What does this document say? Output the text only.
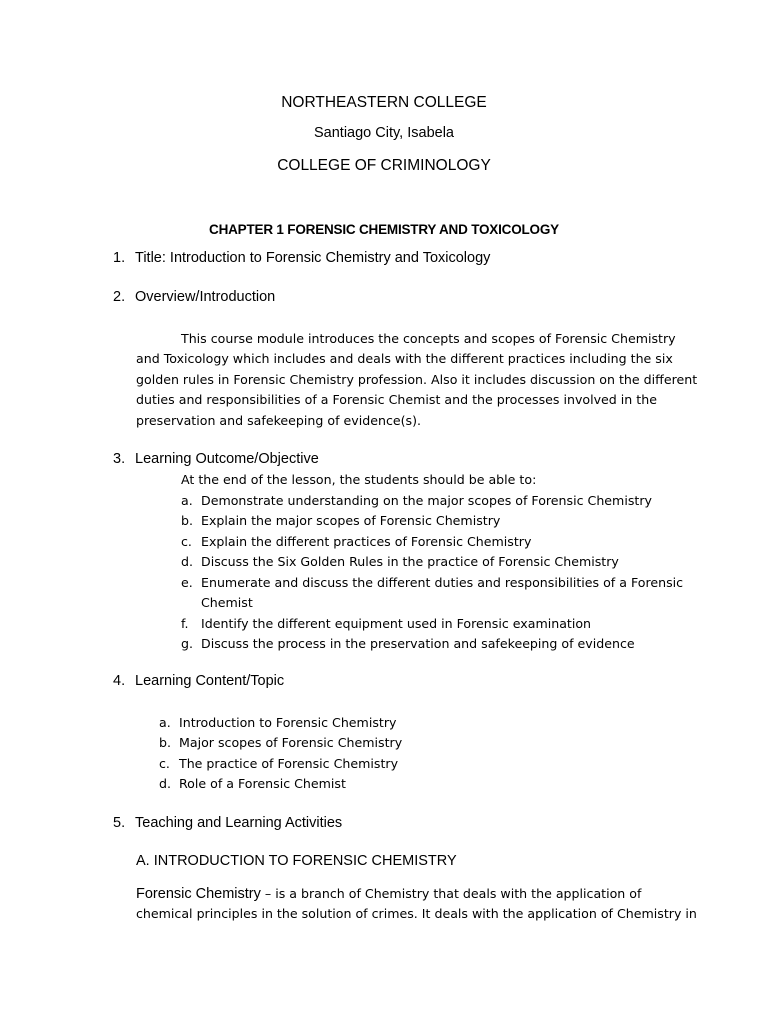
NORTHEASTERN COLLEGE
Santiago City, Isabela
COLLEGE OF CRIMINOLOGY
CHAPTER 1 FORENSIC CHEMISTRY AND TOXICOLOGY
1. Title: Introduction to Forensic Chemistry and Toxicology
2. Overview/Introduction
This course module introduces the concepts and scopes of Forensic Chemistry
and Toxicology which includes and deals with the different practices including the six
golden rules in Forensic Chemistry profession. Also it includes discussion on the different
duties and responsibilities of a Forensic Chemist and the processes involved in the
preservation and safekeeping of evidence(s).
3. Learning Outcome/Objective
At the end of the lesson, the students should be able to:
a. Demonstrate understanding on the major scopes of Forensic Chemistry
b. Explain the major scopes of Forensic Chemistry
c. Explain the different practices of Forensic Chemistry
d. Discuss the Six Golden Rules in the practice of Forensic Chemistry
e. Enumerate and discuss the different duties and responsibilities of a Forensic
Chemist
f. Identify the different equipment used in Forensic examination
g. Discuss the process in the preservation and safekeeping of evidence
4. Learning Content/Topic
a. Introduction to Forensic Chemistry
b. Major scopes of Forensic Chemistry
c. The practice of Forensic Chemistry
d. Role of a Forensic Chemist
5. Teaching and Learning Activities
A. INTRODUCTION TO FORENSIC CHEMISTRY
Forensic Chemistry – is a branch of Chemistry that deals with the application of
chemical principles in the solution of crimes. It deals with the application of Chemistry in
